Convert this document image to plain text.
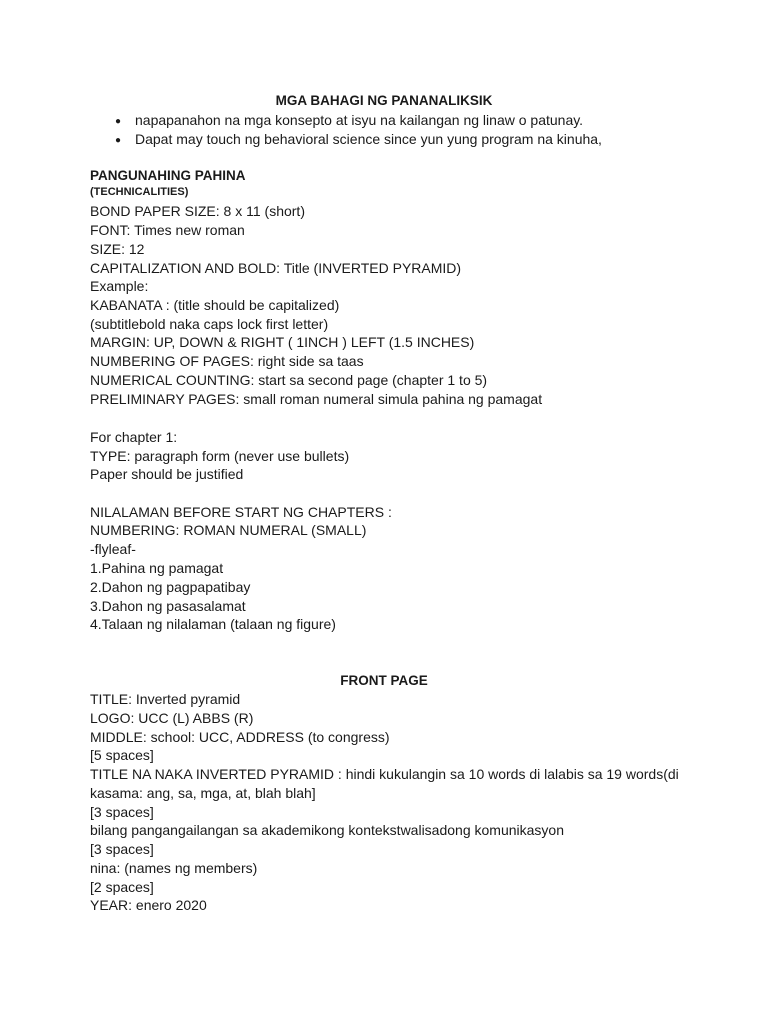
MGA BAHAGI NG PANANALIKSIK
● napapanahon na mga konsepto at isyu na kailangan ng linaw o patunay.
● Dapat may touch ng behavioral science since yun yung program na kinuha,
PANGUNAHING PAHINA
(TECHNICALITIES)
BOND PAPER SIZE: 8 x 11 (short)
FONT: Times new roman
SIZE: 12
CAPITALIZATION AND BOLD: Title (INVERTED PYRAMID)
Example:
KABANATA : (title should be capitalized)
(subtitlebold naka caps lock first letter)
MARGIN: UP, DOWN & RIGHT ( 1INCH ) LEFT (1.5 INCHES)
NUMBERING OF PAGES: right side sa taas
NUMERICAL COUNTING: start sa second page (chapter 1 to 5)
PRELIMINARY PAGES: small roman numeral simula pahina ng pamagat
For chapter 1:
TYPE: paragraph form (never use bullets)
Paper should be justified
NILALAMAN BEFORE START NG CHAPTERS :
NUMBERING: ROMAN NUMERAL (SMALL)
-flyleaf-
1.Pahina ng pamagat
2.Dahon ng pagpapatibay
3.Dahon ng pasasalamat
4.Talaan ng nilalaman (talaan ng figure)
FRONT PAGE
TITLE: Inverted pyramid
LOGO: UCC (L) ABBS (R)
MIDDLE: school: UCC, ADDRESS (to congress)
[5 spaces]
TITLE NA NAKA INVERTED PYRAMID : hindi kukulangin sa 10 words di lalabis sa 19 words(di
kasama: ang, sa, mga, at, blah blah]
[3 spaces]
bilang pangangailangan sa akademikong kontekstwalisadong komunikasyon
[3 spaces]
nina: (names ng members)
[2 spaces]
YEAR: enero 2020
